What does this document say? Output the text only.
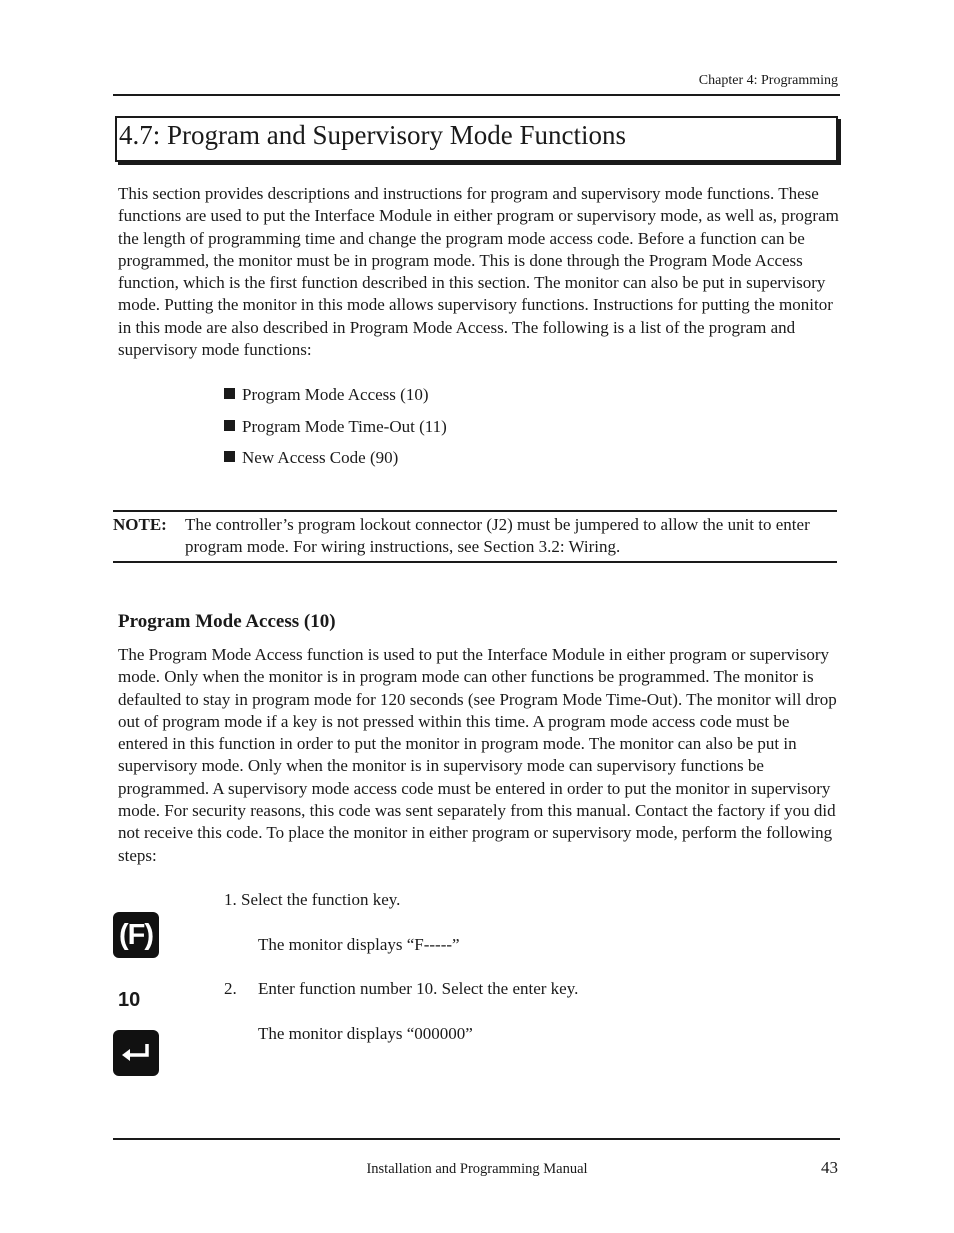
Chapter 4: Programming
4.7: Program and Supervisory Mode Functions

This section provides descriptions and instructions for program and supervisory mode functions. These functions are used to put the Interface Module in either program or supervisory mode, as well as, program the length of programming time and change the program mode access code. Before a function can be programmed, the monitor must be in program mode. This is done through the Program Mode Access function, which is the first function described in this section. The monitor can also be put in supervisory mode. Putting the monitor in this mode allows supervisory functions. Instructions for putting the monitor in this mode are also described in Program Mode Access. The following is a list of the program and supervisory mode functions:

Program Mode Access (10)
Program Mode Time-Out (11)
New Access Code (90)
NOTE: The controller’s program lockout connector (J2) must be jumpered to allow the unit to enter program mode. For wiring instructions, see Section 3.2: Wiring.

Program Mode Access (10)

The Program Mode Access function is used to put the Interface Module in either program or supervisory mode. Only when the monitor is in program mode can other functions be programmed. The monitor is defaulted to stay in program mode for 120 seconds (see Program Mode Time-Out). The monitor will drop out of program mode if a key is not pressed within this time. A program mode access code must be entered in this function in order to put the monitor in program mode. The monitor can also be put in supervisory mode. Only when the monitor is in supervisory mode can supervisory functions be programmed. A supervisory mode access code must be entered in order to put the monitor in supervisory mode. For security reasons, this code was sent separately from this manual. Contact the factory if you did not receive this code. To place the monitor in either program or supervisory mode, perform the following steps:

1. Select the function key.
The monitor displays “F-----”
2. Enter function number 10. Select the enter key.
The monitor displays “000000”
(F)
10
Installation and Programming Manual	43
